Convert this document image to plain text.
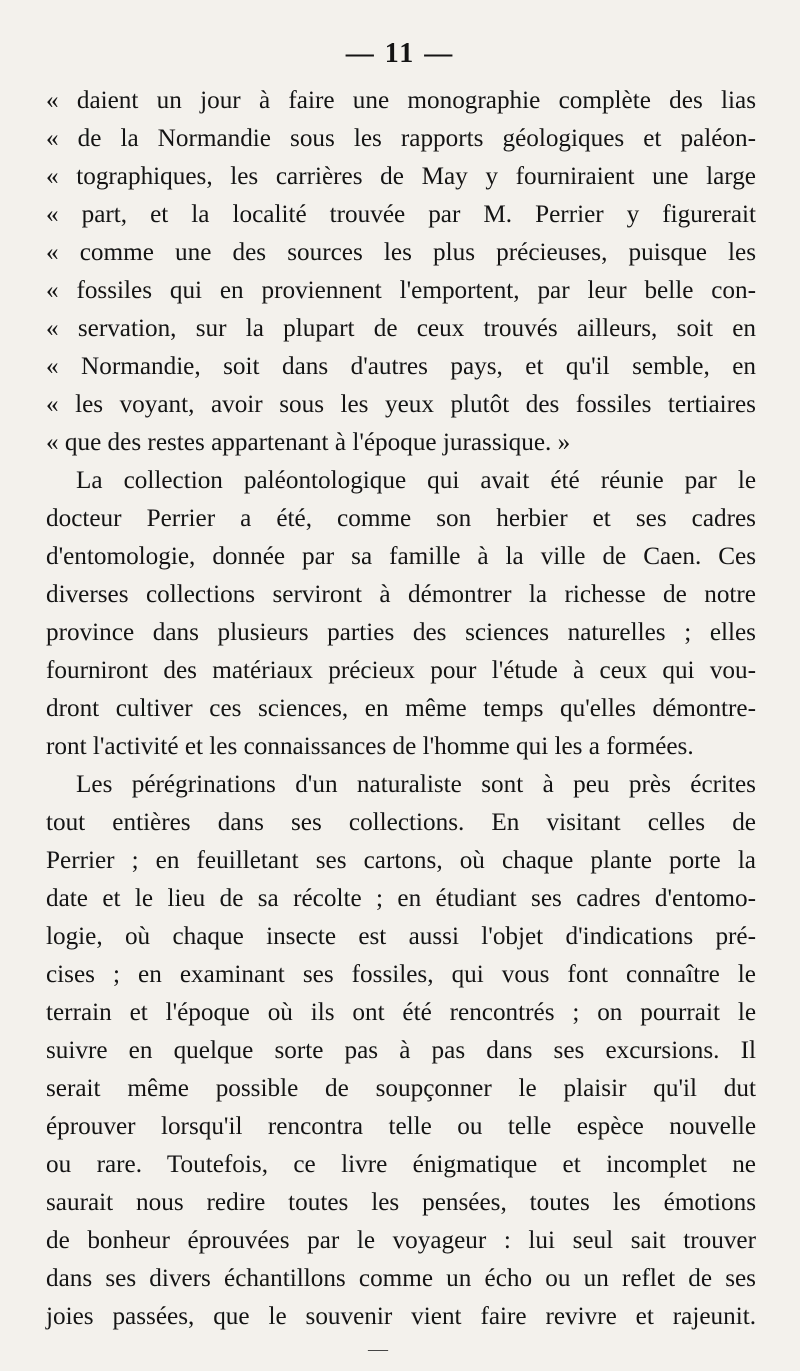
— 11 —
« daient un jour à faire une monographie complète des lias
« de la Normandie sous les rapports géologiques et paléon-
« tographiques, les carrières de May y fourniraient une large
« part, et la localité trouvée par M. Perrier y figurerait
« comme une des sources les plus précieuses, puisque les
« fossiles qui en proviennent l'emportent, par leur belle con-
« servation, sur la plupart de ceux trouvés ailleurs, soit en
« Normandie, soit dans d'autres pays, et qu'il semble, en
« les voyant, avoir sous les yeux plutôt des fossiles tertiaires
« que des restes appartenant à l'époque jurassique. »
La collection paléontologique qui avait été réunie par le
docteur Perrier a été, comme son herbier et ses cadres
d'entomologie, donnée par sa famille à la ville de Caen. Ces
diverses collections serviront à démontrer la richesse de notre
province dans plusieurs parties des sciences naturelles ; elles
fourniront des matériaux précieux pour l'étude à ceux qui vou-
dront cultiver ces sciences, en même temps qu'elles démontre-
ront l'activité et les connaissances de l'homme qui les a formées.
Les pérégrinations d'un naturaliste sont à peu près écrites
tout entières dans ses collections. En visitant celles de
Perrier ; en feuilletant ses cartons, où chaque plante porte la
date et le lieu de sa récolte ; en étudiant ses cadres d'entomo-
logie, où chaque insecte est aussi l'objet d'indications pré-
cises ; en examinant ses fossiles, qui vous font connaître le
terrain et l'époque où ils ont été rencontrés ; on pourrait le
suivre en quelque sorte pas à pas dans ses excursions. Il
serait même possible de soupçonner le plaisir qu'il dut
éprouver lorsqu'il rencontra telle ou telle espèce nouvelle
ou rare. Toutefois, ce livre énigmatique et incomplet ne
saurait nous redire toutes les pensées, toutes les émotions
de bonheur éprouvées par le voyageur : lui seul sait trouver
dans ses divers échantillons comme un écho ou un reflet de ses
joies passées, que le souvenir vient faire revivre et rajeunit.
—
